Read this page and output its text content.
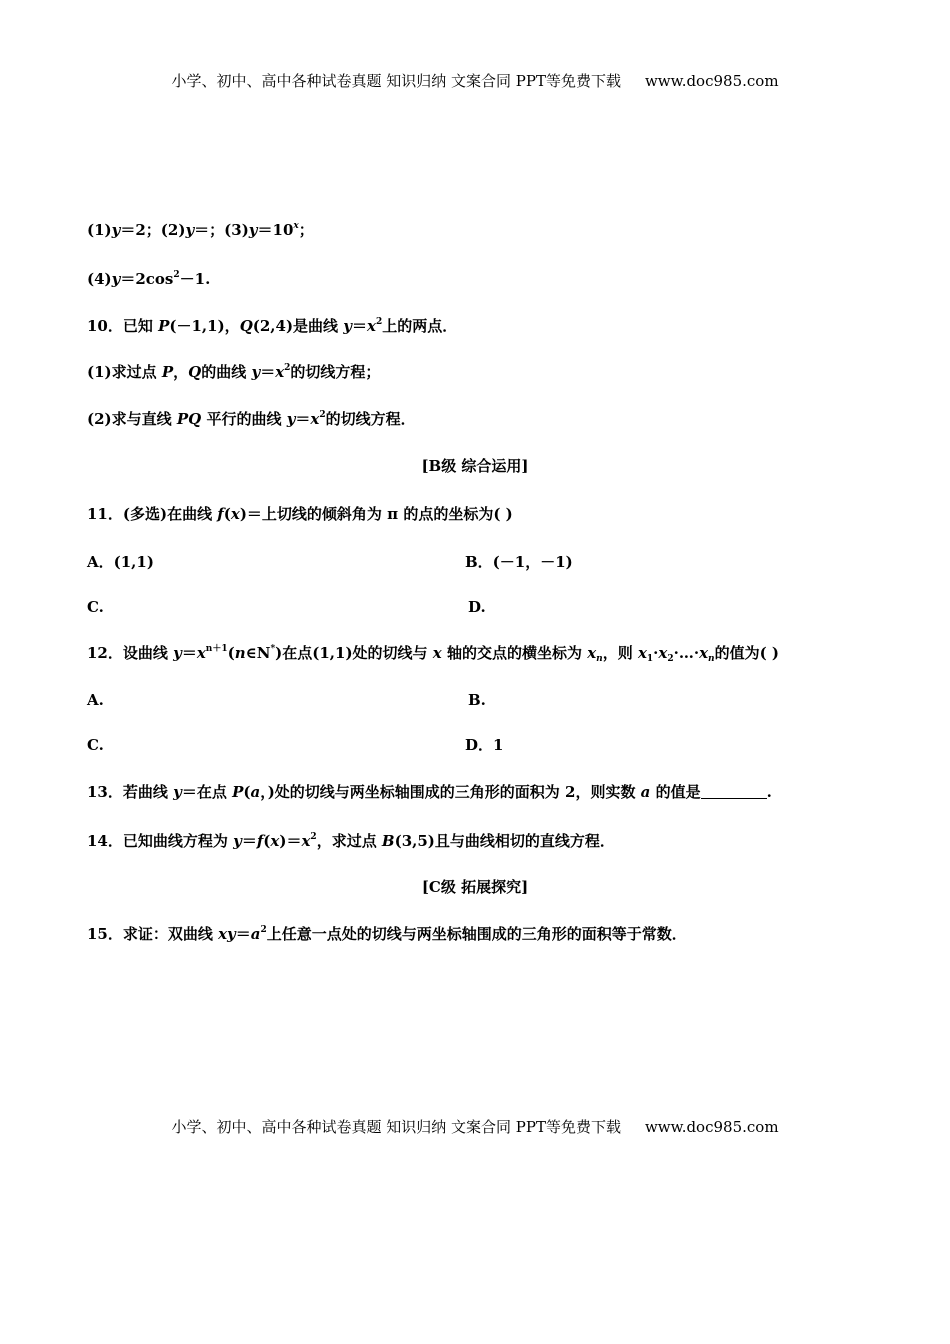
小学、初中、高中各种试卷真题 知识归纳 文案合同 PPT等免费下载 www.doc985.com
(1)y＝2；(2)y＝；$(3)y=10^x$；
$(4)y=2\cos^2-1$.
10．已知 P(－1,1)，Q(2,4)是曲线 $y=x^2$上的两点．
(1)求过点 P，Q的曲线 $y=x^2$的切线方程；
(2)求与直线 PQ 平行的曲线 $y=x^2$的切线方程．
[B级 综合运用]
11．(多选)在曲线 f(x)＝上切线的倾斜角为 π 的点的坐标为( )
A．(1,1)	B．(－1，－1)
C.	D.
12．设曲线 $y=x^{n+1}(n\in N^*)$在点(1,1)处的切线与 x 轴的交点的横坐标为 $x_n$，则 $x_1\cdot x_2\cdot\dots\cdot x_n$的值为( )
A.	B.
C.	D．1
13．若曲线 y＝在点 P(a，)处的切线与两坐标轴围成的三角形的面积为 2，则实数 a 的值是	.
14．已知曲线方程为 $y=f(x)=x^2$，求过点 B(3,5)且与曲线相切的直线方程．
[C级 拓展探究]
15．求证：双曲线 $xy=a^2$上任意一点处的切线与两坐标轴围成的三角形的面积等于常数．
小学、初中、高中各种试卷真题 知识归纳 文案合同 PPT等免费下载 www.doc985.com
